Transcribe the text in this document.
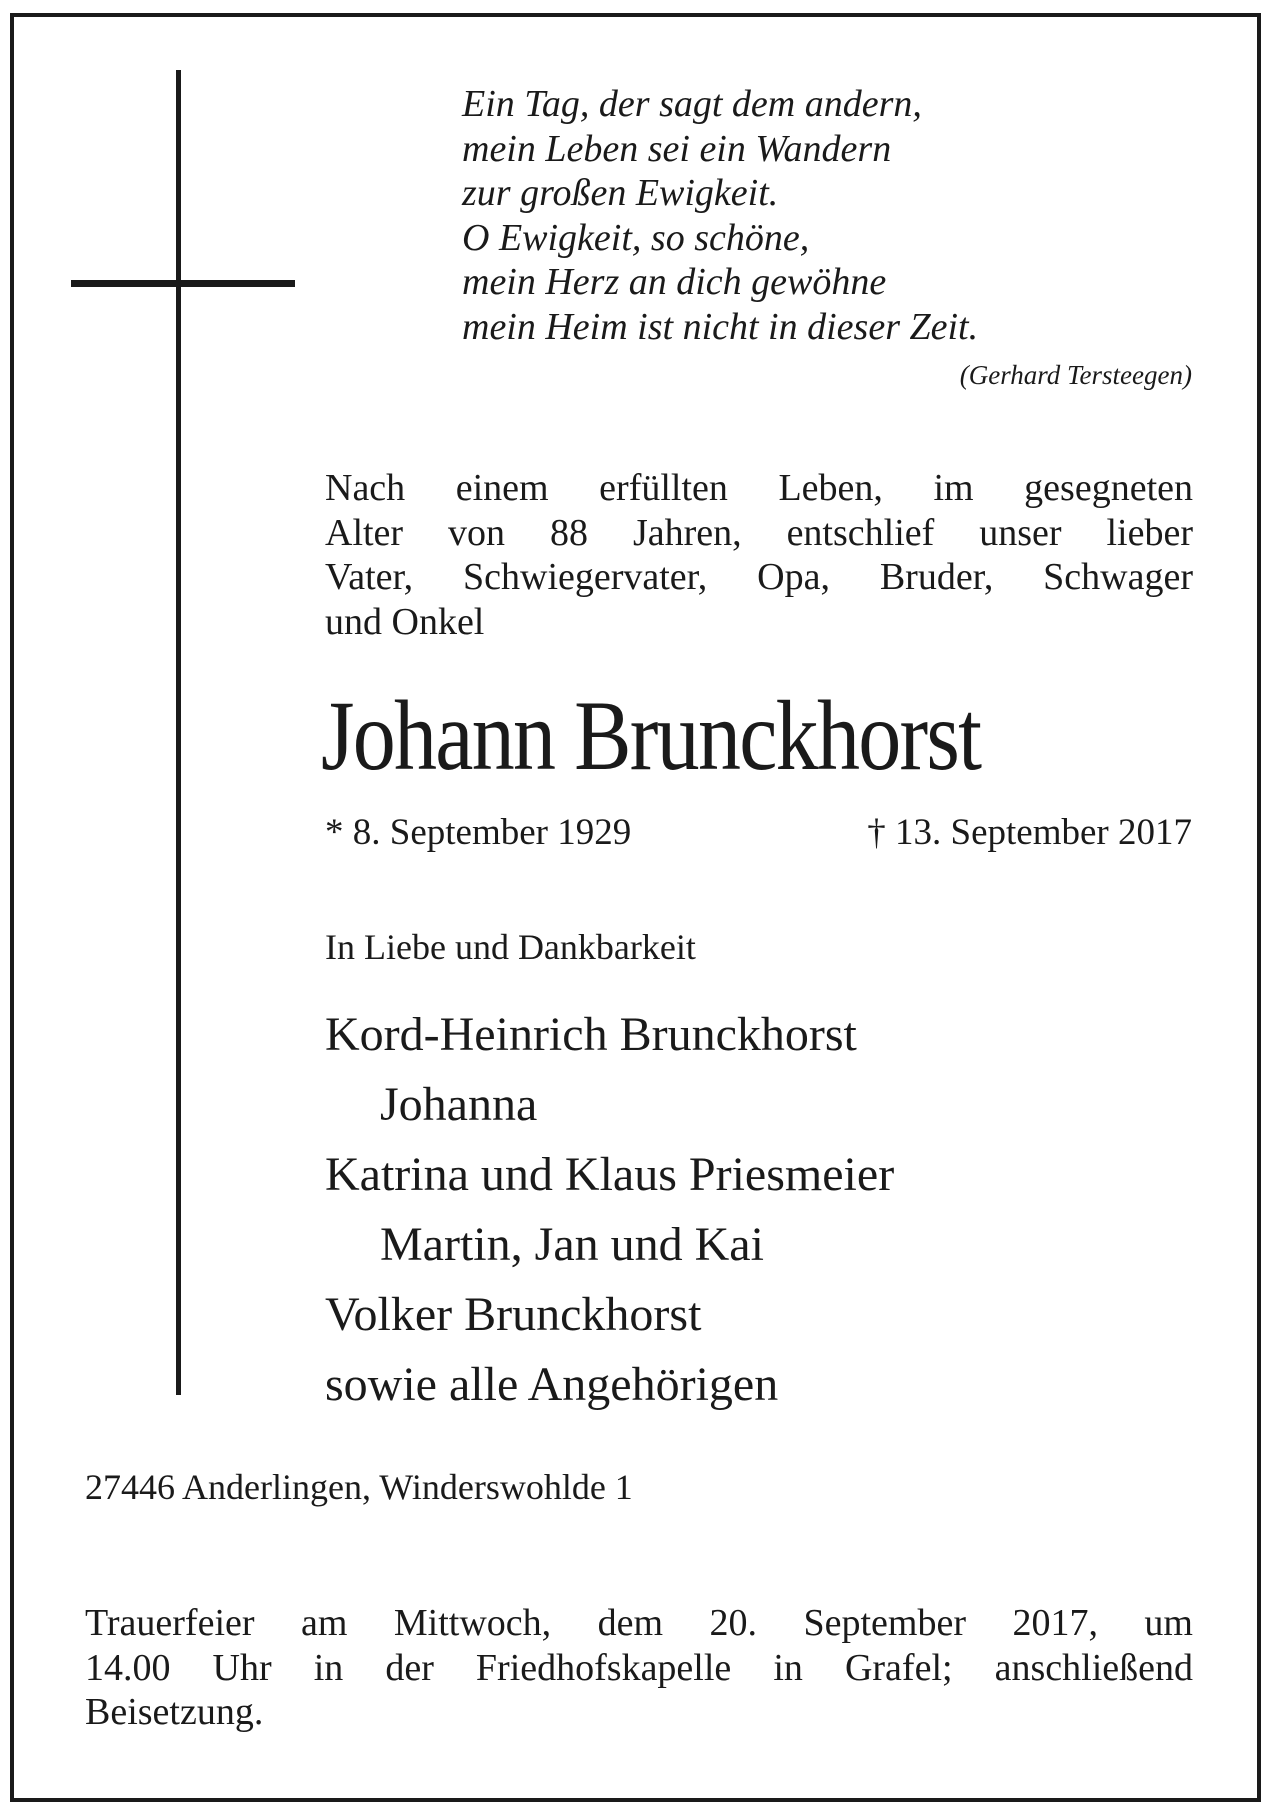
Ein Tag, der sagt dem andern,
mein Leben sei ein Wandern
zur großen Ewigkeit.
O Ewigkeit, so schöne,
mein Herz an dich gewöhne
mein Heim ist nicht in dieser Zeit.
(Gerhard Tersteegen)
Nach einem erfüllten Leben, im gesegneten
Alter von 88 Jahren, entschlief unser lieber
Vater, Schwiegervater, Opa, Bruder, Schwager
und Onkel
Johann Brunckhorst
* 8. September 1929	† 13. September 2017
In Liebe und Dankbarkeit
Kord-Heinrich Brunckhorst
Johanna
Katrina und Klaus Priesmeier
Martin, Jan und Kai
Volker Brunckhorst
sowie alle Angehörigen
27446 Anderlingen, Winderswohlde 1
Trauerfeier am Mittwoch, dem 20. September 2017, um
14.00 Uhr in der Friedhofskapelle in Grafel; anschließend
Beisetzung.
